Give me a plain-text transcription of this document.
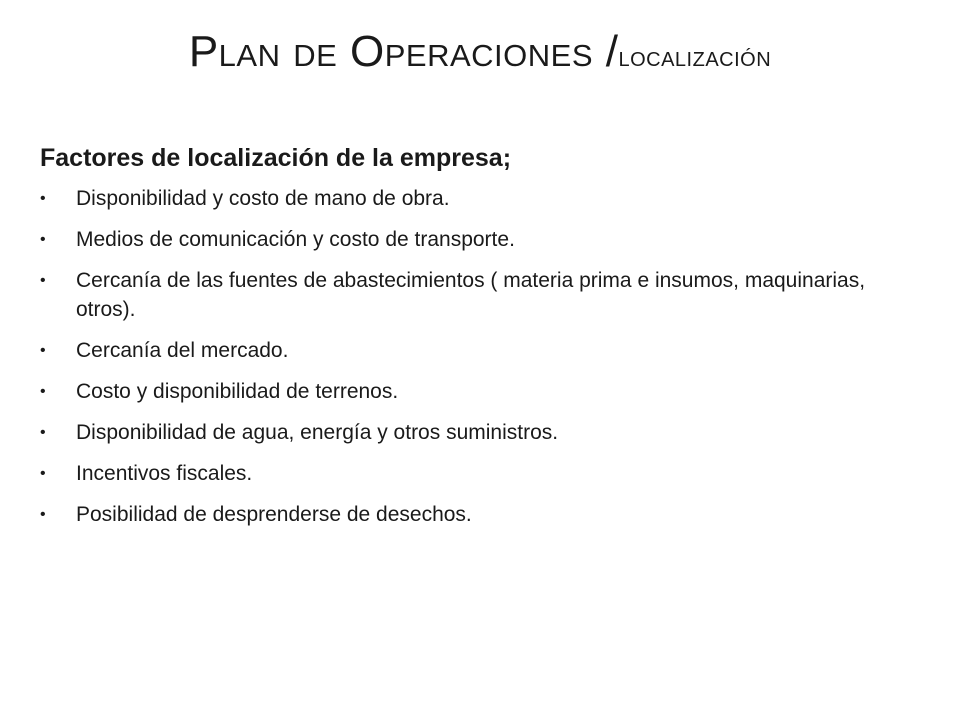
Plan de Operaciones /localización

Factores de localización de la empresa;

• Disponibilidad y costo de mano de obra.
• Medios de comunicación y costo de transporte.
• Cercanía de las fuentes de abastecimientos ( materia prima e insumos, maquinarias, otros).
• Cercanía del mercado.
• Costo y disponibilidad de terrenos.
• Disponibilidad de agua, energía y otros suministros.
• Incentivos fiscales.
• Posibilidad de desprenderse de desechos.
